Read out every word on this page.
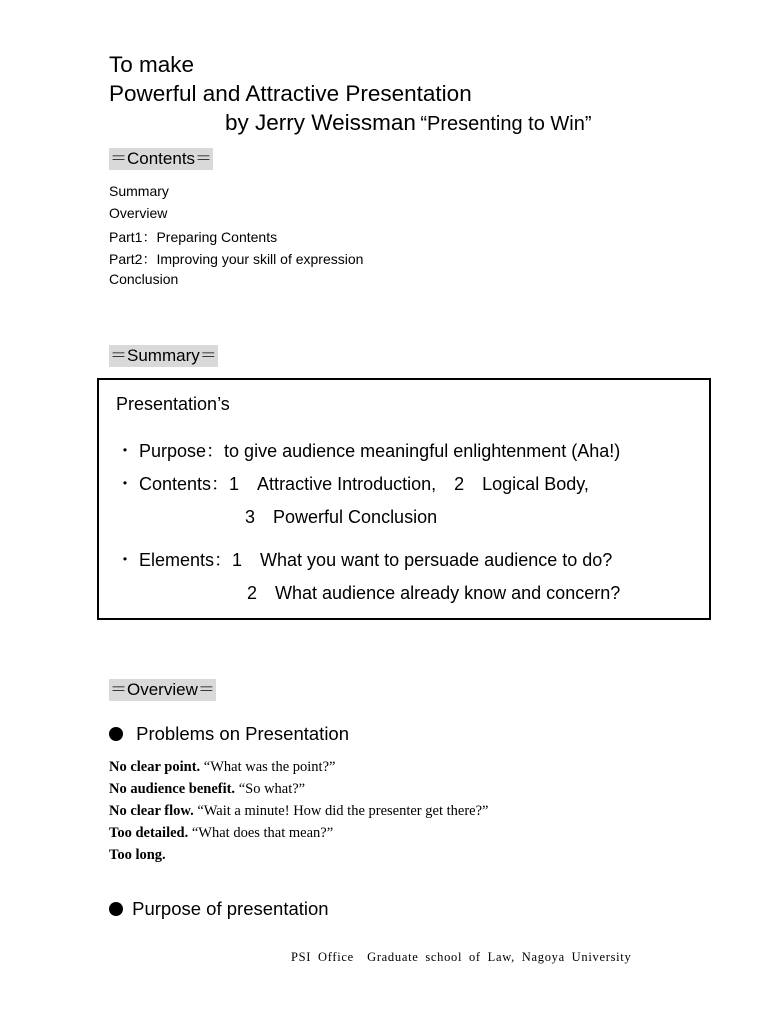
To make
Powerful and Attractive Presentation
by Jerry Weissman “Presenting to Win”
＝Contents＝
Summary
Overview
Part1：Preparing Contents
Part2：Improving your skill of expression
Conclusion
＝Summary＝
Presentation’s
・ Purpose：to give audience meaningful enlightenment (Aha!)
・ Contents：1　Attractive Introduction,　2　Logical Body,
3　Powerful Conclusion
・ Elements：1　What you want to persuade audience to do?
2　What audience already know and concern?
＝Overview＝
Problems on Presentation
No clear point. “What was the point?”
No audience benefit. “So what?”
No clear flow. “Wait a minute! How did the presenter get there?”
Too detailed. “What does that mean?”
Too long.
Purpose of presentation
PSI Office　Graduate school of Law, Nagoya University
